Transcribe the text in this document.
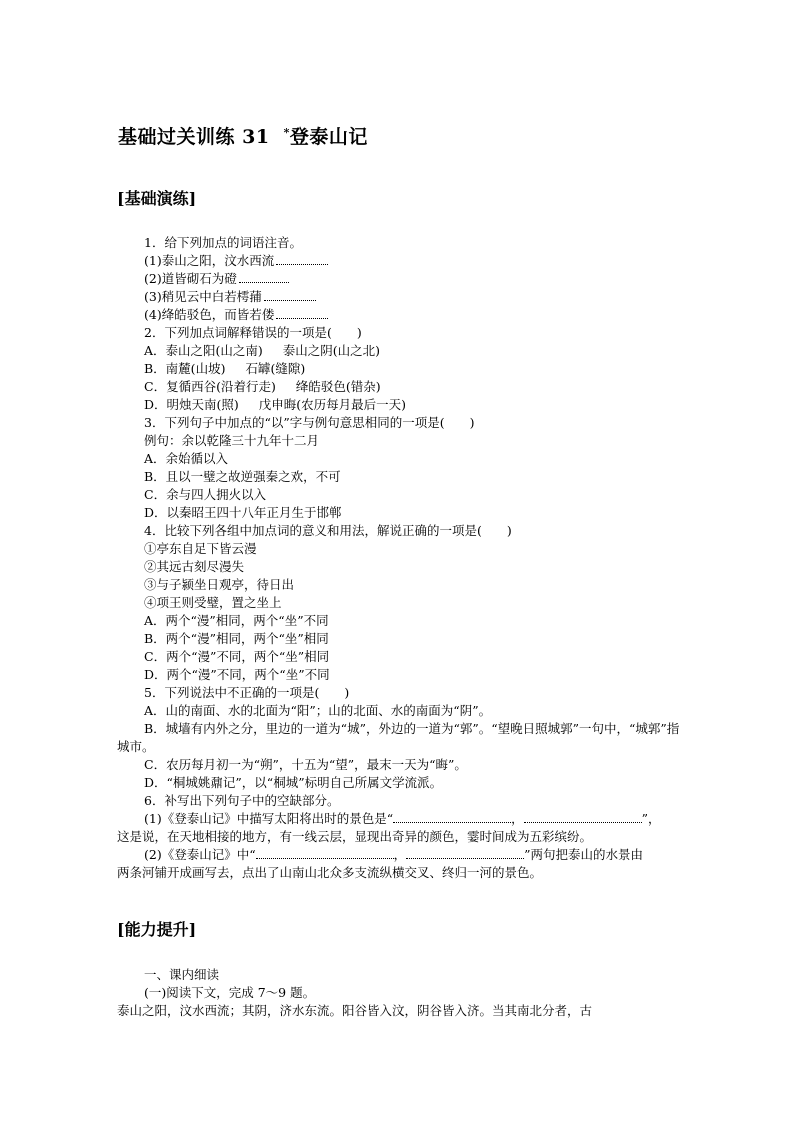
基础过关训练 31 *登泰山记
[基础演练]
1．给下列加点的词语注音。
(1)泰山之阳，汶水西流
(2)道皆砌石为磴
(3)稍见云中白若樗蒱
(4)绛皓驳色，而皆若偻
2．下列加点词解释错误的一项是(　　)
A．泰山之阳(山之南) 泰山之阴(山之北)
B．南麓(山坡) 石罅(缝隙)
C．复循西谷(沿着行走) 绛皓驳色(错杂)
D．明烛天南(照) 戊申晦(农历每月最后一天)
3．下列句子中加点的“以”字与例句意思相同的一项是(　　)
例句：余以乾隆三十九年十二月
A．余始循以入
B．且以一璧之故逆强秦之欢，不可
C．余与四人拥火以入
D．以秦昭王四十八年正月生于邯郸
4．比较下列各组中加点词的意义和用法，解说正确的一项是(　　)
①亭东自足下皆云漫
②其远古刻尽漫失
③与子颍坐日观亭，待日出
④项王则受璧，置之坐上
A．两个“漫”相同，两个“坐”不同
B．两个“漫”相同，两个“坐”相同
C．两个“漫”不同，两个“坐”相同
D．两个“漫”不同，两个“坐”不同
5．下列说法中不正确的一项是(　　)
A．山的南面、水的北面为“阳”；山的北面、水的南面为“阴”。
B．城墙有内外之分，里边的一道为“城”，外边的一道为“郭”。“望晚日照城郭”一句中，“城郭”指城市。
C．农历每月初一为“朔”，十五为“望”，最末一天为“晦”。
D．“桐城姚鼐记”，以“桐城”标明自己所属文学流派。
6．补写出下列句子中的空缺部分。
(1)《登泰山记》中描写太阳将出时的景色是“	，	”，
这是说，在天地相接的地方，有一线云层，显现出奇异的颜色，霎时间成为五彩缤纷。
(2)《登泰山记》中“	，	”两句把泰山的水景由
两条河铺开成画写去，点出了山南山北众多支流纵横交叉、终归一河的景色。
[能力提升]
一、课内细读
(一)阅读下文，完成 7～9 题。
泰山之阳，汶水西流；其阴，济水东流。阳谷皆入汶，阴谷皆入济。当其南北分者，古
